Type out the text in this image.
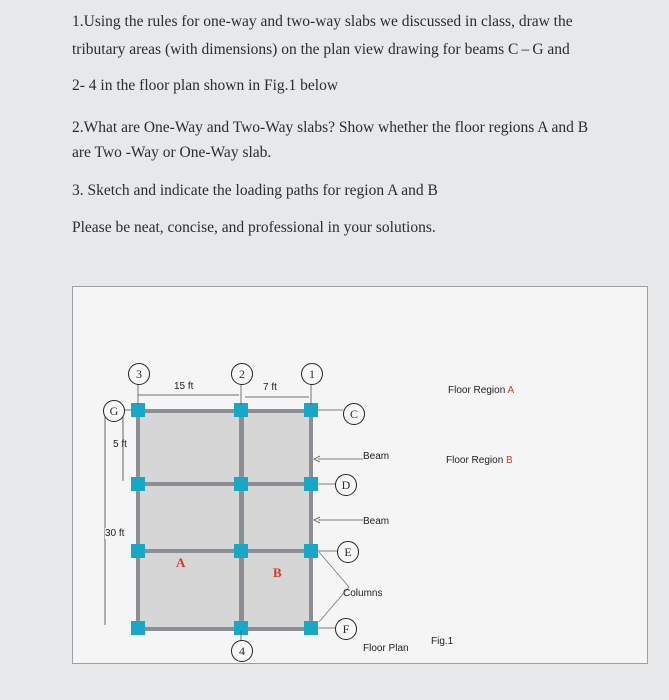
1.Using the rules for one-way and two-way slabs we discussed in class, draw the
tributary areas (with dimensions) on the plan view drawing for beams C – G and
2- 4 in the floor plan shown in Fig.1 below
2.What are One-Way and Two-Way slabs? Show whether the floor regions A and B
are Two -Way or One-Way slab.
3. Sketch and indicate the loading paths for region A and B
Please be neat, concise, and professional in your solutions.
3	2	1
G	C
D
E
F
4
15 ft	7 ft
5 ft
30 ft
A
B
Beam
Beam
Columns
Floor Plan
Fig.1
Floor Region A
Floor Region B
